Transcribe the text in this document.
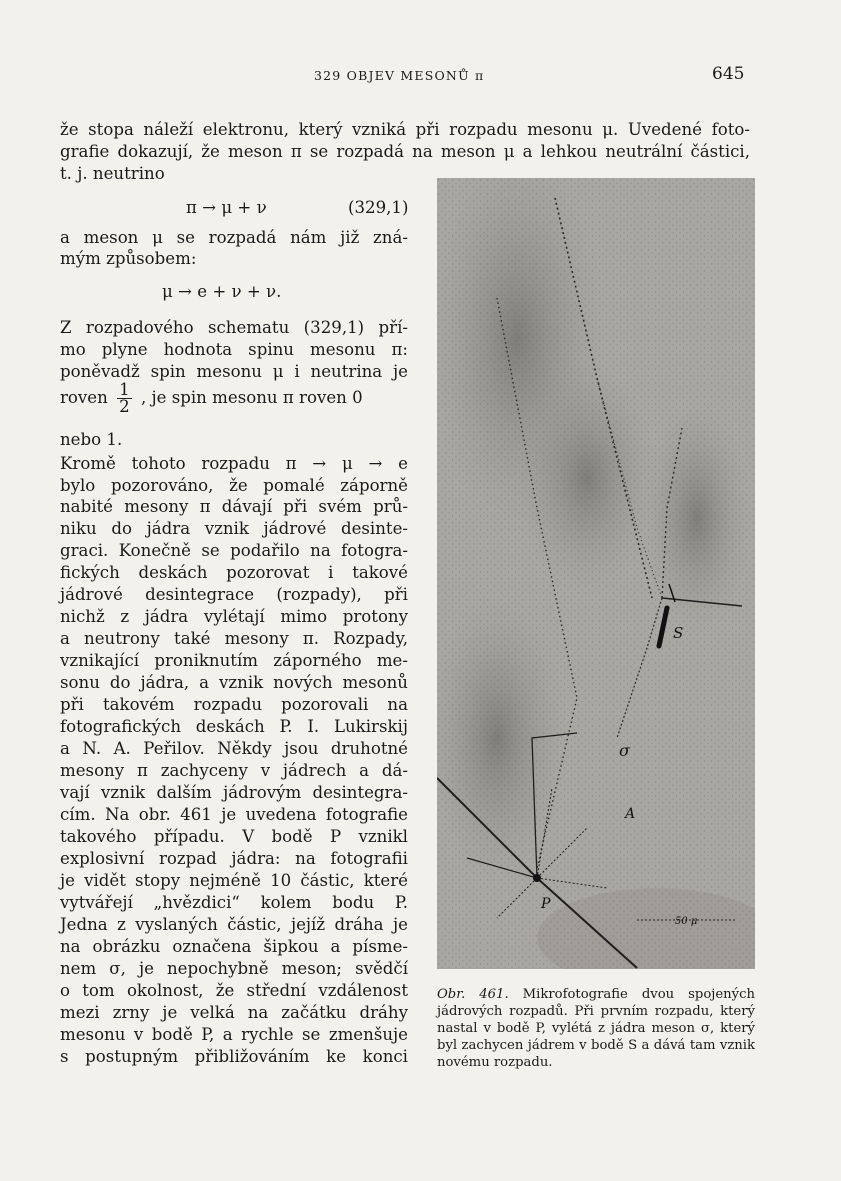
329 OBJEV MESONŮ π	645
že stopa náleží elektronu, který vzniká při rozpadu mesonu μ. Uvedené foto-
grafie dokazují, že meson π se rozpadá na meson μ a lehkou neutrální částici,
t. j. neutrino
π → μ + ν	(329,1)
a meson μ se rozpadá nám již zná-
mým způsobem:
μ → e + ν + ν.
Z rozpadového schematu (329,1) pří-
mo plyne hodnota spinu mesonu π:
poněvadž spin mesonu μ i neutrina je
roven $\frac{1}{2}$ , je spin mesonu π roven 0
nebo 1.
Kromě tohoto rozpadu π → μ → e
bylo pozorováno, že pomalé záporně
nabité mesony π dávají při svém prů-
niku do jádra vznik jádrové desinte-
graci. Konečně se podařilo na fotogra-
fických deskách pozorovat i takové
jádrové desintegrace (rozpady), při
nichž z jádra vylétají mimo protony
a neutrony také mesony π. Rozpady,
vznikající proniknutím záporného me-
sonu do jádra, a vznik nových mesonů
při takovém rozpadu pozorovali na
fotografických deskách P. I. Lukirskij
a N. A. Peřilov. Někdy jsou druhotné
mesony π zachyceny v jádrech a dá-
vají vznik dalším jádrovým desintegra-
cím. Na obr. 461 je uvedena fotografie
takového případu. V bodě P vznikl
explosivní rozpad jádra: na fotografii
je vidět stopy nejméně 10 částic, které
vytvářejí „hvězdici“ kolem bodu P.
Jedna z vyslaných částic, jejíž dráha je
na obrázku označena šipkou a písme-
nem σ, je nepochybně meson; svědčí
o tom okolnost, že střední vzdálenost
mezi zrny je velká na začátku dráhy
mesonu v bodě P, a rychle se zmenšuje
s postupným přibližováním ke konci
S
σ
A
P
50 μ
Obr. 461. Mikrofotografie dvou spojených jádrových rozpadů. Při prvním rozpadu, který nastal v bodě P, vylétá z jádra meson σ, který byl zachycen jádrem v bodě S a dává tam vznik novému rozpadu.
